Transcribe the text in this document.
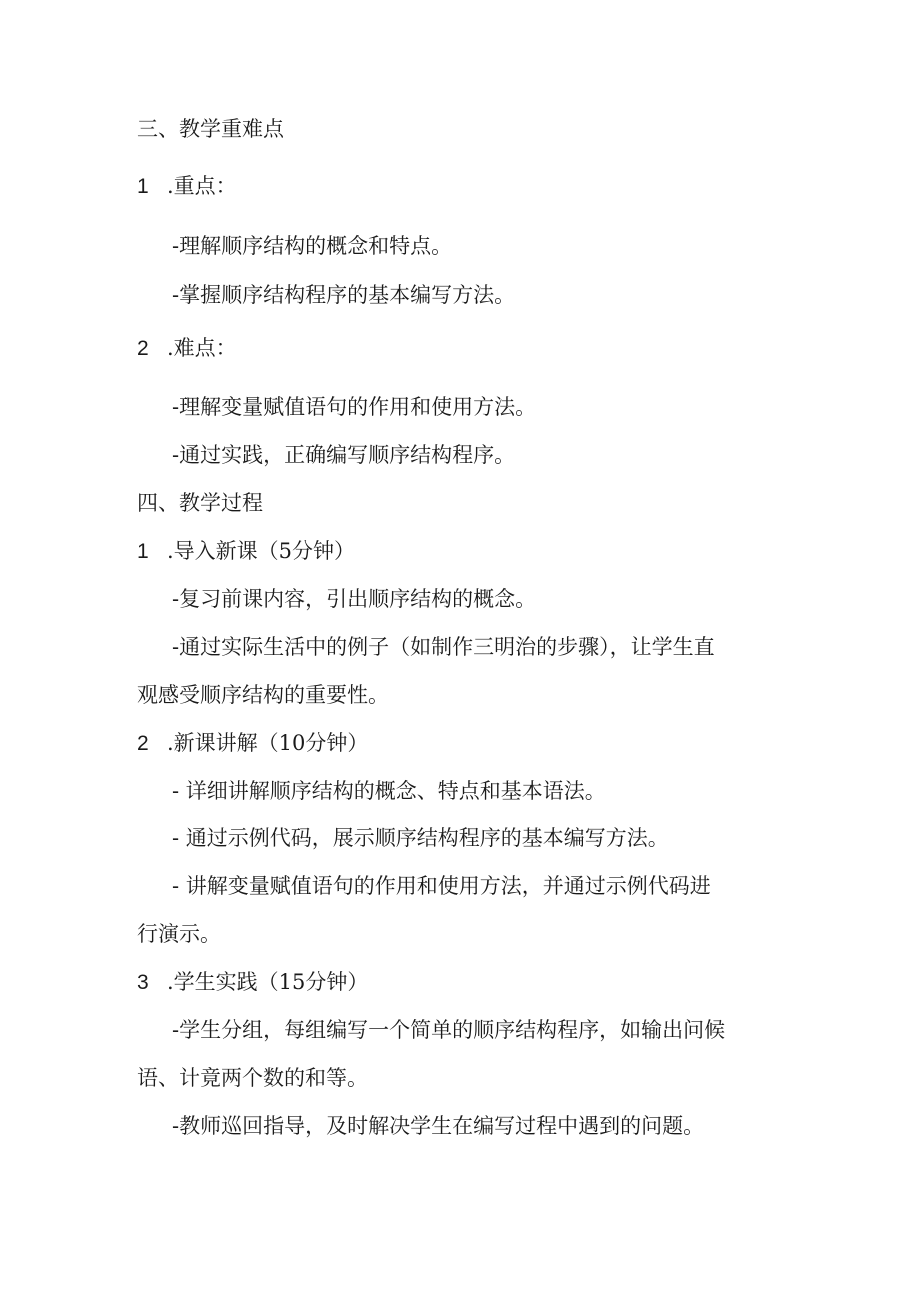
三、教学重难点
1 .重点：
-理解顺序结构的概念和特点。
-掌握顺序结构程序的基本编写方法。
2 .难点：
-理解变量赋值语句的作用和使用方法。
-通过实践，正确编写顺序结构程序。
四、教学过程
1 .导入新课（5分钟）
-复习前课内容，引出顺序结构的概念。
-通过实际生活中的例子（如制作三明治的步骤），让学生直
观感受顺序结构的重要性。
2 .新课讲解（10分钟）
- 详细讲解顺序结构的概念、特点和基本语法。
- 通过示例代码，展示顺序结构程序的基本编写方法。
- 讲解变量赋值语句的作用和使用方法，并通过示例代码进
行演示。
3 .学生实践（15分钟）
-学生分组，每组编写一个简单的顺序结构程序，如输出问候
语、计竟两个数的和等。
-教师巡回指导，及时解决学生在编写过程中遇到的问题。
